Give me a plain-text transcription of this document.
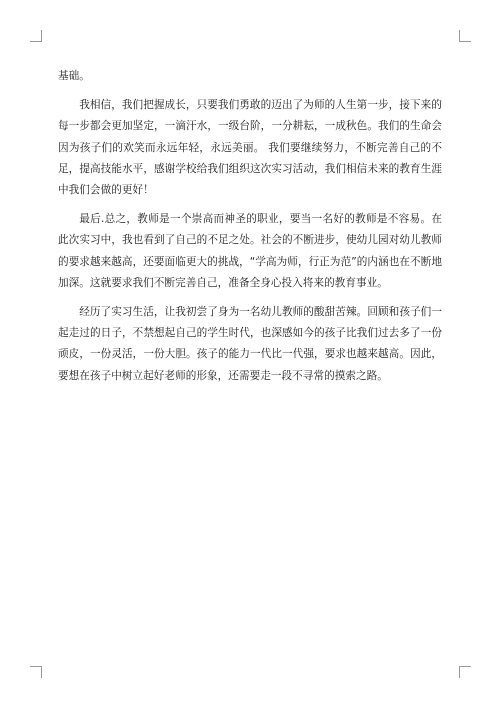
基础。

我相信，我们把握成长，只要我们勇敢的迈出了为师的人生第一步，接下来的每一步都会更加坚定，一滴汗水，一级台阶，一分耕耘，一成秋色。我们的生命会因为孩子们的欢笑而永远年轻，永远美丽。 我们要继续努力，不断完善自己的不足，提高技能水平，感谢学校给我们组织这次实习活动，我们相信未来的教育生涯中我们会做的更好！

最后.总之，教师是一个崇高而神圣的职业，要当一名好的教师是不容易。在此次实习中，我也看到了自己的不足之处。社会的不断进步，使幼儿园对幼儿教师的要求越来越高，还要面临更大的挑战，“学高为师，行正为范”的内涵也在不断地加深。这就要求我们不断完善自己，准备全身心投入将来的教育事业。

经历了实习生活，让我初尝了身为一名幼儿教师的酸甜苦辣。回顾和孩子们一起走过的日子，不禁想起自己的学生时代，也深感如今的孩子比我们过去多了一份顽皮，一份灵活，一份大胆。孩子的能力一代比一代强，要求也越来越高。因此，要想在孩子中树立起好老师的形象，还需要走一段不寻常的摸索之路。
